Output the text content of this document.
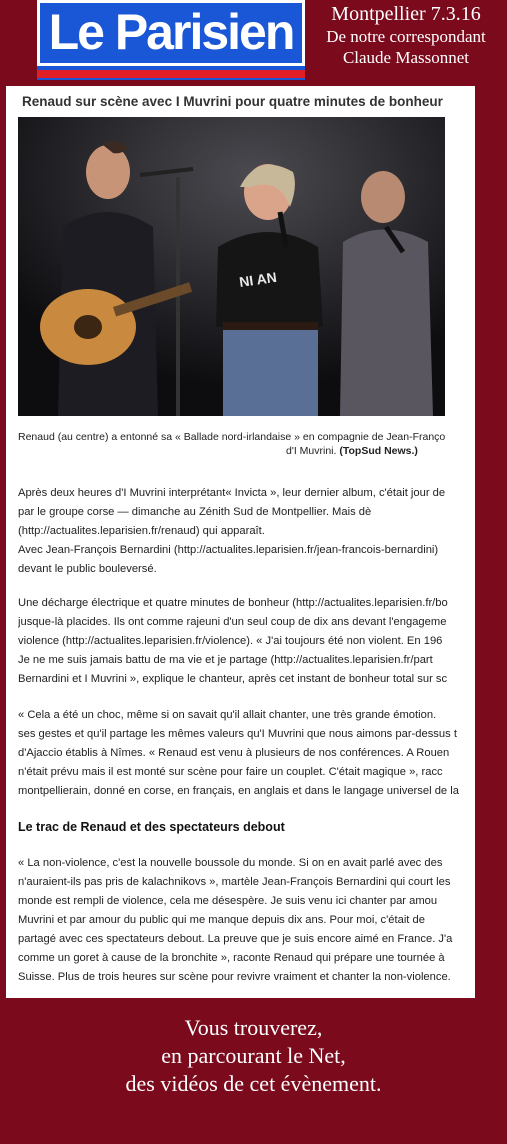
Le Parisien	Montpellier 7.3.16
De notre correspondant
Claude Massonnet
Renaud sur scène avec I Muvrini pour quatre minutes de bonheur
NI AN
Renaud (au centre) a entonné sa « Ballade nord-irlandaise » en compagnie de Jean-Franço
d'I Muvrini. (TopSud News.)
Après deux heures d'I Muvrini interprétant« Invicta », leur dernier album, c'était jour de
par le groupe corse — dimanche au Zénith Sud de Montpellier. Mais dè
(http://actualites.leparisien.fr/renaud) qui apparaît.
Avec Jean-François Bernardini (http://actualites.leparisien.fr/jean-francois-bernardini)
devant le public bouleversé.
Une décharge électrique et quatre minutes de bonheur (http://actualites.leparisien.fr/bo
jusque-là placides. Ils ont comme rajeuni d'un seul coup de dix ans devant l'engageme
violence (http://actualites.leparisien.fr/violence). « J'ai toujours été non violent. En 196
Je ne me suis jamais battu de ma vie et je partage (http://actualites.leparisien.fr/part
Bernardini et I Muvrini », explique le chanteur, après cet instant de bonheur total sur sc
« Cela a été un choc, même si on savait qu'il allait chanter, une très grande émotion.
ses gestes et qu'il partage les mêmes valeurs qu'I Muvrini que nous aimons par-dessus t
d'Ajaccio établis à Nîmes. « Renaud est venu à plusieurs de nos conférences. A Rouen
n'était prévu mais il est monté sur scène pour faire un couplet. C'était magique », racc
montpellierain, donné en corse, en français, en anglais et dans le langage universel de la
Le trac de Renaud et des spectateurs debout
« La non-violence, c'est la nouvelle boussole du monde. Si on en avait parlé avec des
n'auraient-ils pas pris de kalachnikovs », martèle Jean-François Bernardini qui court les
monde est rempli de violence, cela me désespère. Je suis venu ici chanter par amou
Muvrini et par amour du public qui me manque depuis dix ans. Pour moi, c'était de
partagé avec ces spectateurs debout. La preuve que je suis encore aimé en France. J'a
comme un goret à cause de la bronchite », raconte Renaud qui prépare une tournée à
Suisse. Plus de trois heures sur scène pour revivre vraiment et chanter la non-violence.
Vous trouverez,
en parcourant le Net,
des vidéos de cet évènement.
